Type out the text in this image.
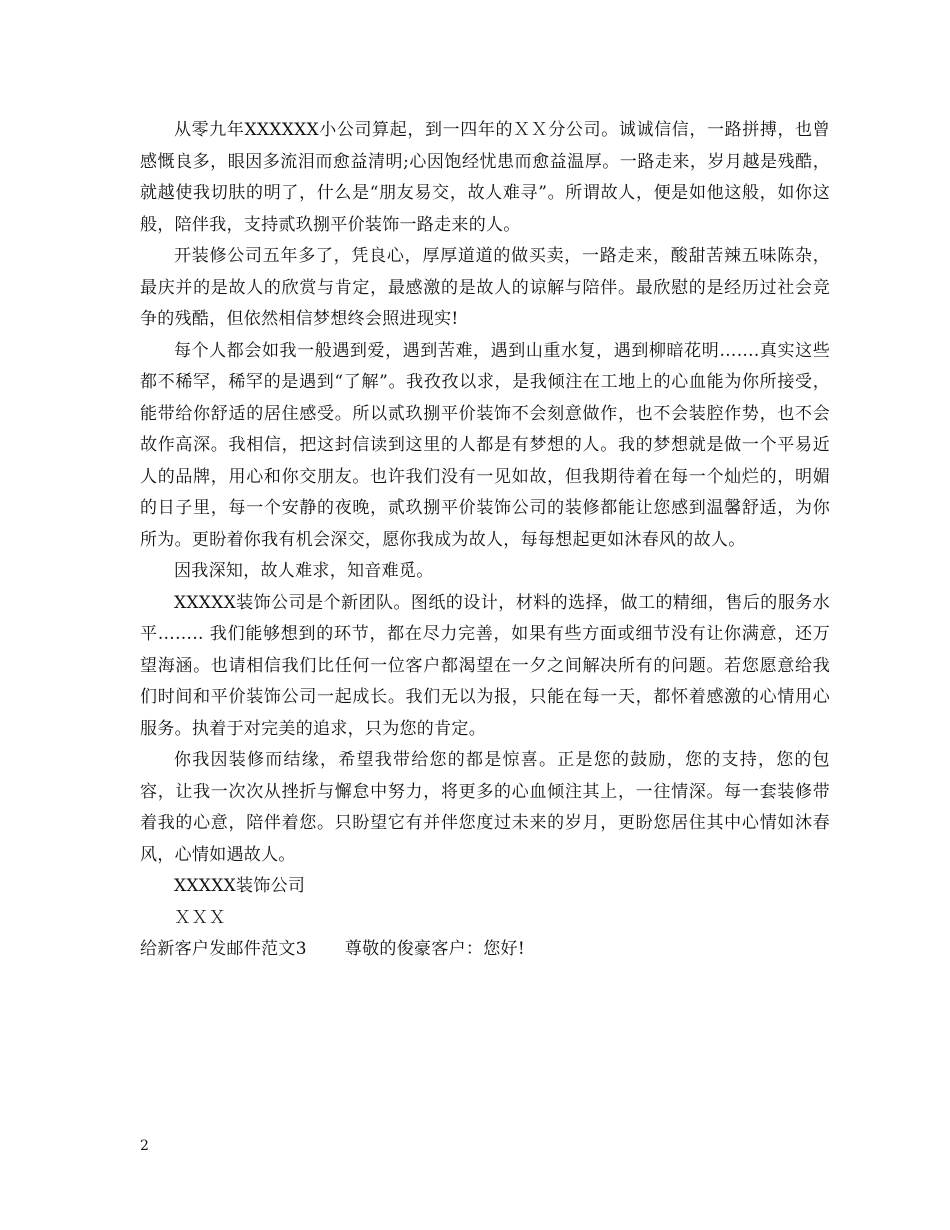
从零九年XXXXXX小公司算起，到一四年的ＸＸ分公司。诚诚信信，一路拼搏，也曾感慨良多，眼因多流泪而愈益清明;心因饱经忧患而愈益温厚。一路走来，岁月越是残酷，就越使我切肤的明了，什么是“朋友易交，故人难寻”。所谓故人，便是如他这般，如你这般，陪伴我，支持贰玖捌平价装饰一路走来的人。

开装修公司五年多了，凭良心，厚厚道道的做买卖，一路走来，酸甜苦辣五味陈杂，最庆并的是故人的欣赏与肯定，最感激的是故人的谅解与陪伴。最欣慰的是经历过社会竞争的残酷，但依然相信梦想终会照进现实!

每个人都会如我一般遇到爱，遇到苦难，遇到山重水复，遇到柳暗花明…….真实这些都不稀罕，稀罕的是遇到“了解”。我孜孜以求，是我倾注在工地上的心血能为你所接受，能带给你舒适的居住感受。所以贰玖捌平价装饰不会刻意做作，也不会装腔作势，也不会故作高深。我相信，把这封信读到这里的人都是有梦想的人。我的梦想就是做一个平易近人的品牌，用心和你交朋友。也许我们没有一见如故，但我期待着在每一个灿烂的，明媚的日子里，每一个安静的夜晚，贰玖捌平价装饰公司的装修都能让您感到温馨舒适，为你所为。更盼着你我有机会深交，愿你我成为故人，每每想起更如沐春风的故人。

因我深知，故人难求，知音难觅。

XXXXX装饰公司是个新团队。图纸的设计，材料的选择，做工的精细，售后的服务水平…….. 我们能够想到的环节，都在尽力完善，如果有些方面或细节没有让你满意，还万望海涵。也请相信我们比任何一位客户都渴望在一夕之间解决所有的问题。若您愿意给我们时间和平价装饰公司一起成长。我们无以为报，只能在每一天，都怀着感激的心情用心服务。执着于对完美的追求，只为您的肯定。

你我因装修而结缘，希望我带给您的都是惊喜。正是您的鼓励，您的支持，您的包容，让我一次次从挫折与懈怠中努力，将更多的心血倾注其上，一往情深。每一套装修带着我的心意，陪伴着您。只盼望它有并伴您度过未来的岁月，更盼您居住其中心情如沐春风，心情如遇故人。

XXXXX装饰公司

ＸＸＸ

给新客户发邮件范文3 尊敬的俊豪客户：您好!

2
